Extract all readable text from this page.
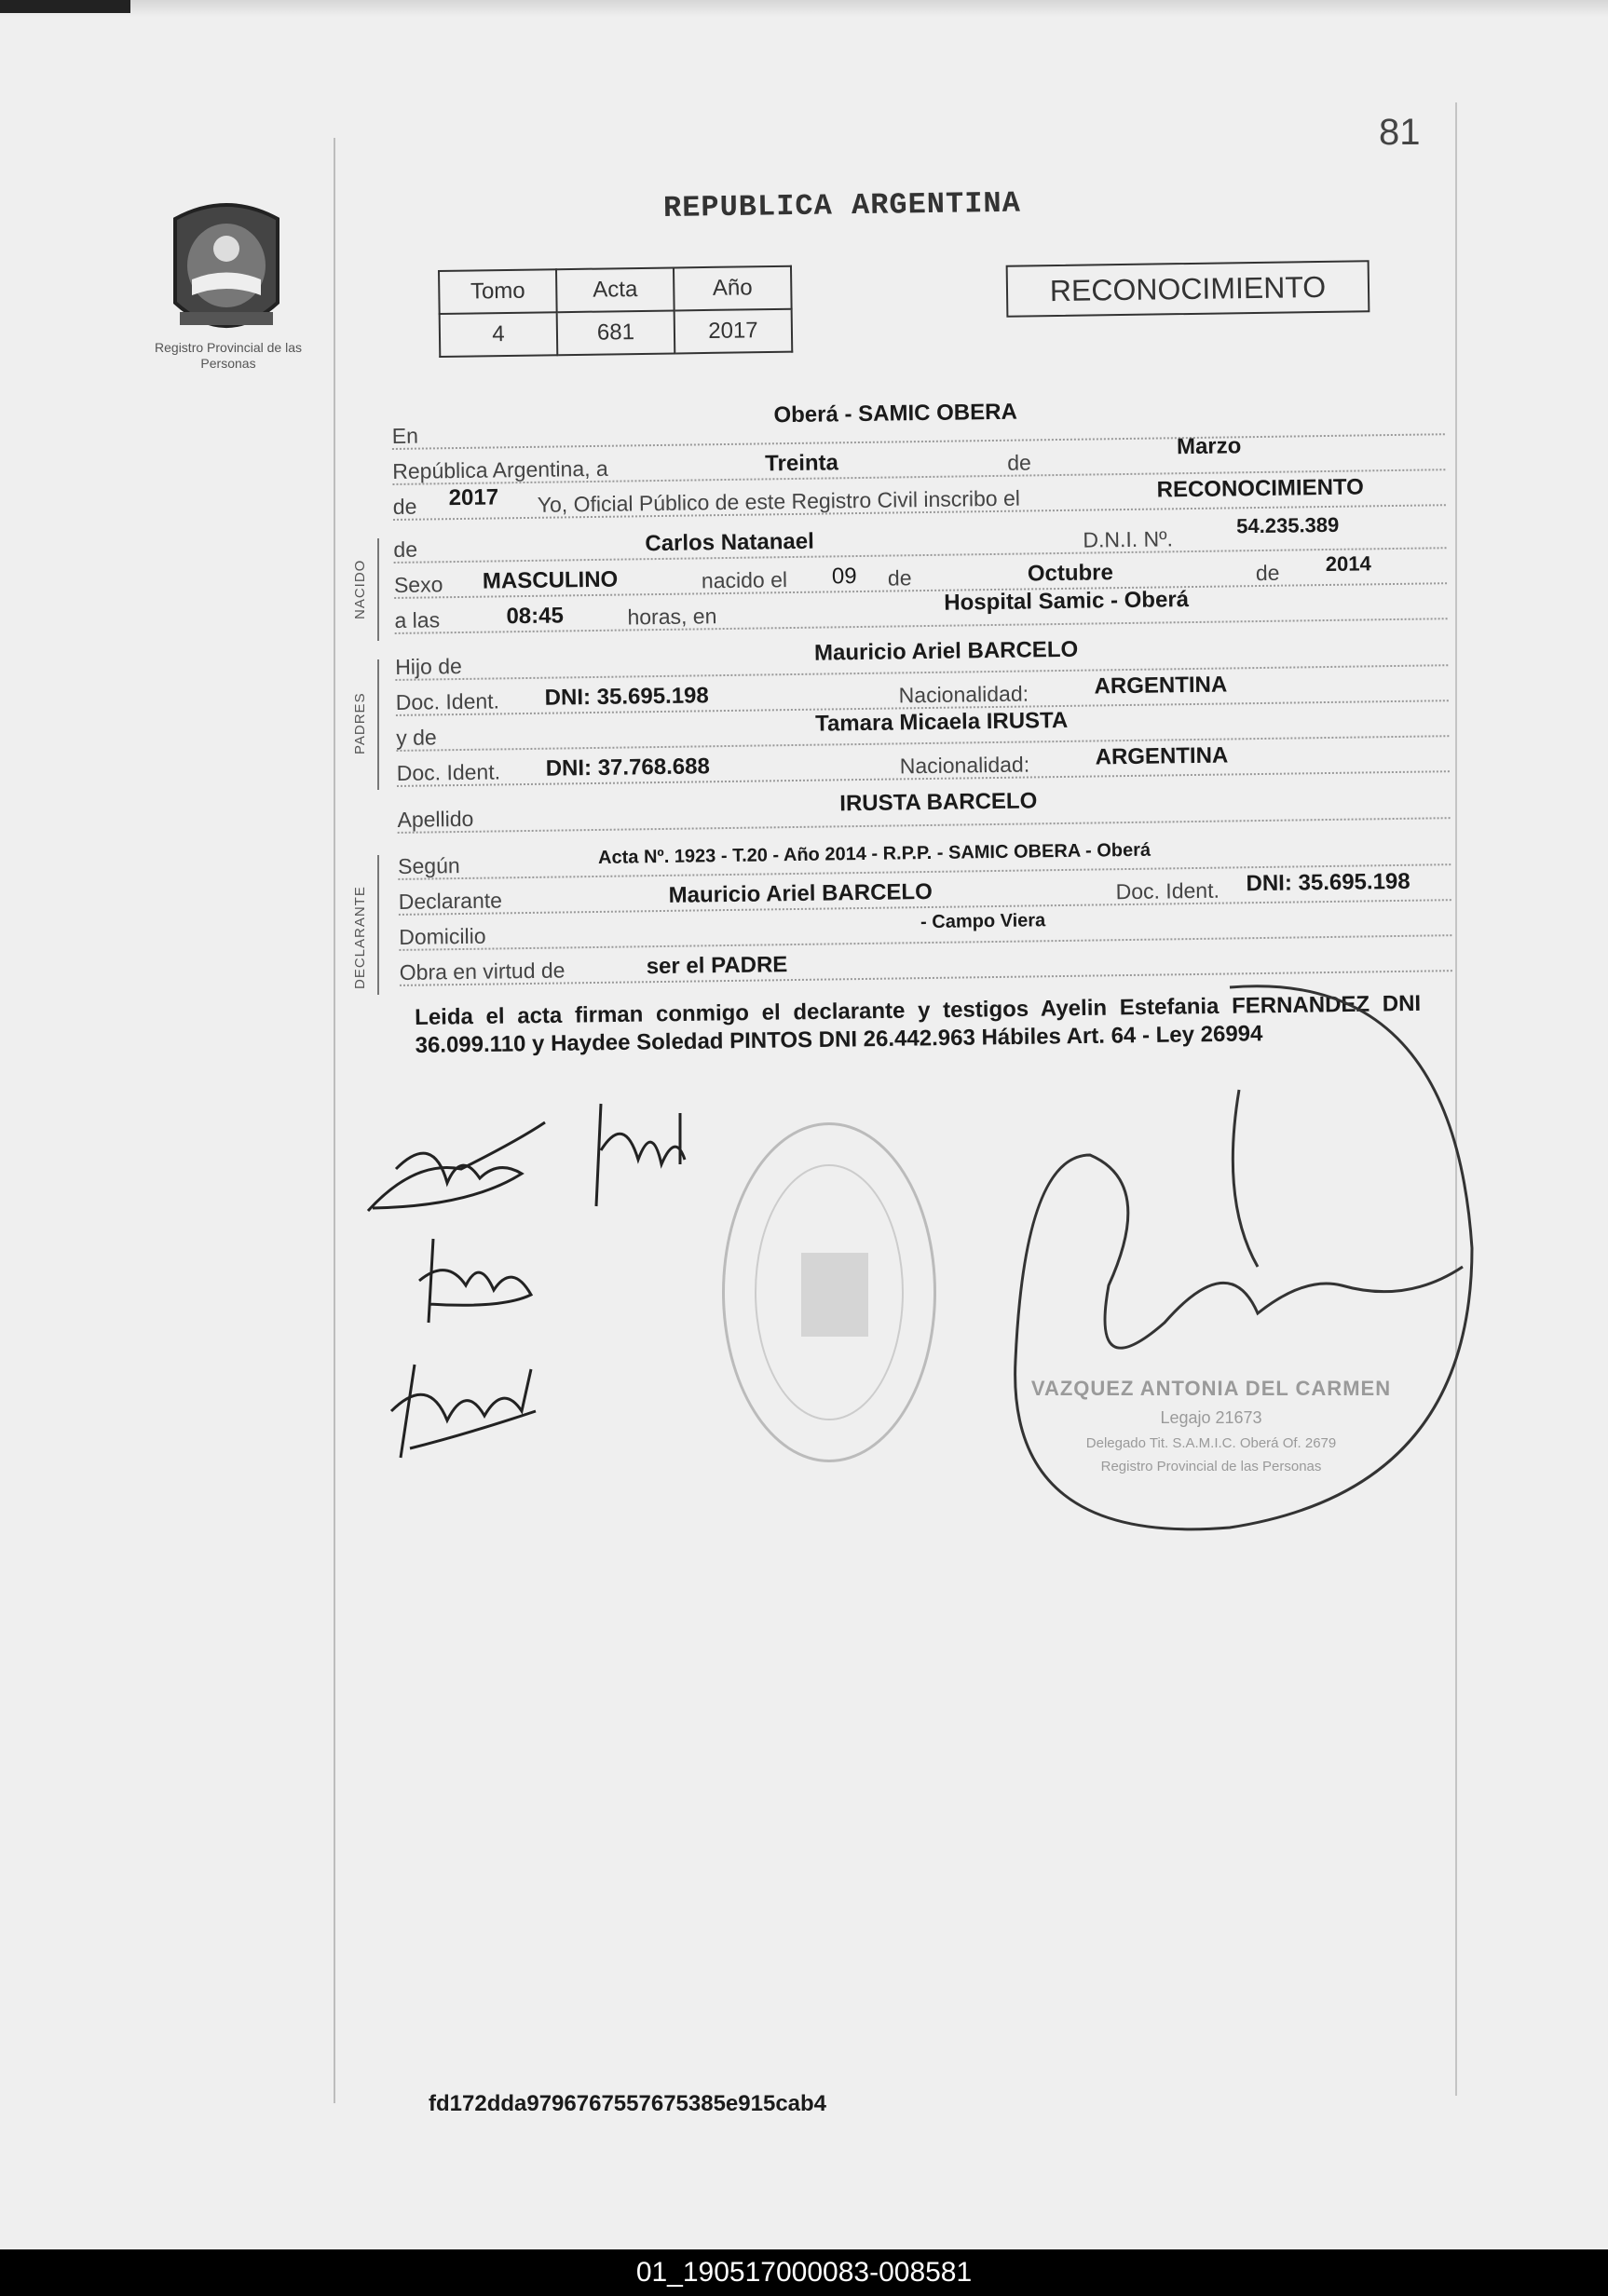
81
Registro Provincial de las Personas
REPUBLICA ARGENTINA
Tomo	Acta	Año
4	681	2017
RECONOCIMIENTO
En
Oberá - SAMIC OBERA
República Argentina, a	Treinta	de
Marzo
de 2017 Yo, Oficial Público de este Registro Civil inscribo el	RECONOCIMIENTO
de	Carlos Natanael	D.N.I. Nº.
54.235.389
Sexo MASCULINO	nacido el 09 de	Octubre	de 2014
a las	08:45	horas, en
Hospital Samic - Oberá
Hijo de
Mauricio Ariel BARCELO
Doc. Ident. DNI: 35.695.198	Nacionalidad:	ARGENTINA
y de
Tamara Micaela IRUSTA
Doc. Ident. DNI: 37.768.688	Nacionalidad:	ARGENTINA
Apellido
IRUSTA BARCELO
Según	Acta Nº. 1923 - T.20 - Año 2014 - R.P.P. - SAMIC OBERA - Oberá
Declarante	Mauricio Ariel BARCELO	Doc. Ident. DNI: 35.695.198
Domicilio
- Campo Viera
Obra en virtud de	ser el PADRE
NACIDO
PADRES
DECLARANTE
Leida el acta firman conmigo el declarante y testigos Ayelin Estefania FERNANDEZ DNI 36.099.110 y Haydee Soledad PINTOS DNI 26.442.963 Hábiles Art. 64 - Ley 26994
VAZQUEZ ANTONIA DEL CARMEN
Legajo 21673
Delegado Tit. S.A.M.I.C. Oberá Of. 2679
Registro Provincial de las Personas
fd172dda9796767557675385e915cab4
01_190517000083-008581
